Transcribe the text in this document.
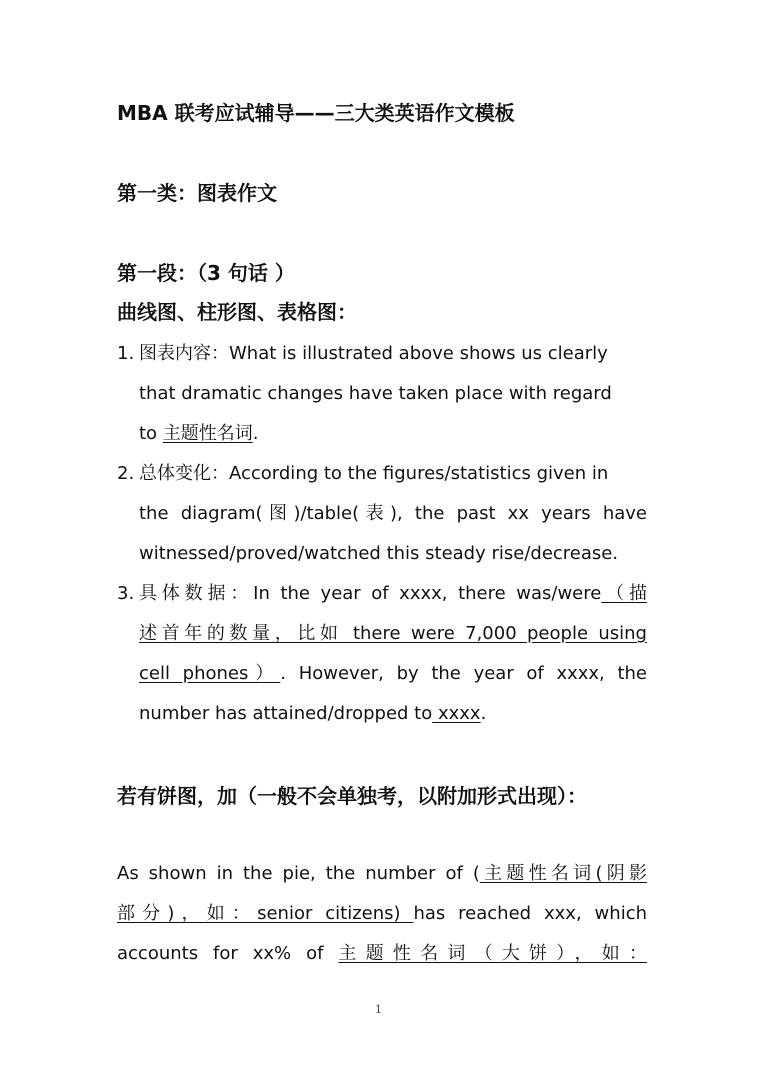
MBA 联考应试辅导——三大类英语作文模板
第一类：图表作文
第一段：（3 句话 ）
曲线图、柱形图、表格图：
1. 图表内容：What is illustrated above shows us clearly
that dramatic changes have taken place with regard
to 主题性名词.
2. 总体变化：According to the figures/statistics given in
the diagram(图)/table(表), the past xx years have
witnessed/proved/watched this steady rise/decrease.
3. 具体数据：In the year of xxxx, there was/were（描
述首年的数量，比如 there were 7,000 people using
cell phones）. However, by the year of xxxx, the
number has attained/dropped to xxxx.
若有饼图，加（一般不会单独考，以附加形式出现）：
As shown in the pie, the number of (主题性名词(阴影
部分)，如：senior citizens) has reached xxx, which
accounts for xx% of 主题性名词（大饼），如：
1
